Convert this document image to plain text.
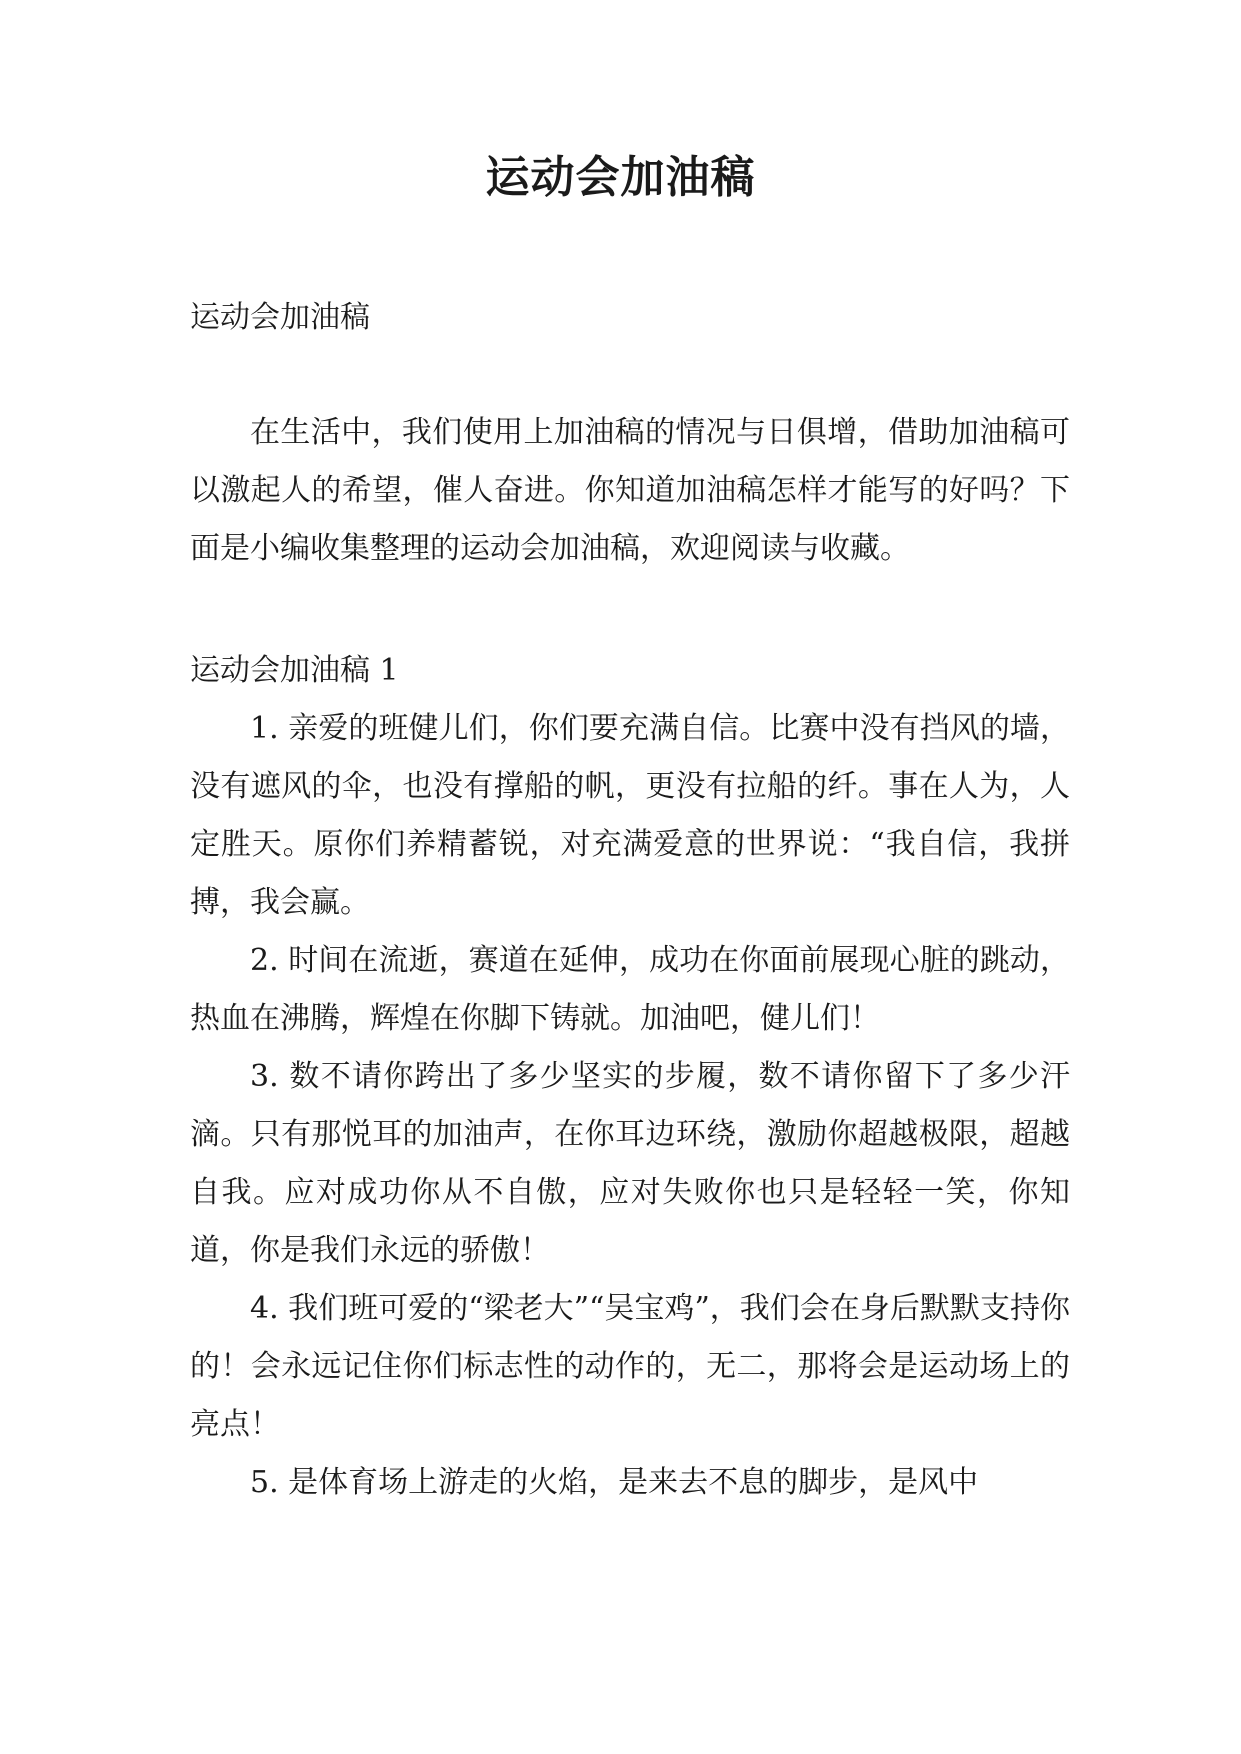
运动会加油稿

运动会加油稿

在生活中，我们使用上加油稿的情况与日俱增，借助加油稿可以激起人的希望，催人奋进。你知道加油稿怎样才能写的好吗？下面是小编收集整理的运动会加油稿，欢迎阅读与收藏。

运动会加油稿 1

1. 亲爱的班健儿们，你们要充满自信。比赛中没有挡风的墙，没有遮风的伞，也没有撑船的帆，更没有拉船的纤。事在人为，人定胜天。原你们养精蓄锐，对充满爱意的世界说：“我自信，我拼搏，我会赢。

2. 时间在流逝，赛道在延伸，成功在你面前展现心脏的跳动，热血在沸腾，辉煌在你脚下铸就。加油吧，健儿们！

3. 数不请你跨出了多少坚实的步履，数不请你留下了多少汗滴。只有那悦耳的加油声，在你耳边环绕，激励你超越极限，超越自我。应对成功你从不自傲，应对失败你也只是轻轻一笑，你知道，你是我们永远的骄傲！

4. 我们班可爱的“梁老大”“吴宝鸡”，我们会在身后默默支持你的！会永远记住你们标志性的动作的，无二，那将会是运动场上的亮点！

5. 是体育场上游走的火焰，是来去不息的脚步，是风中
